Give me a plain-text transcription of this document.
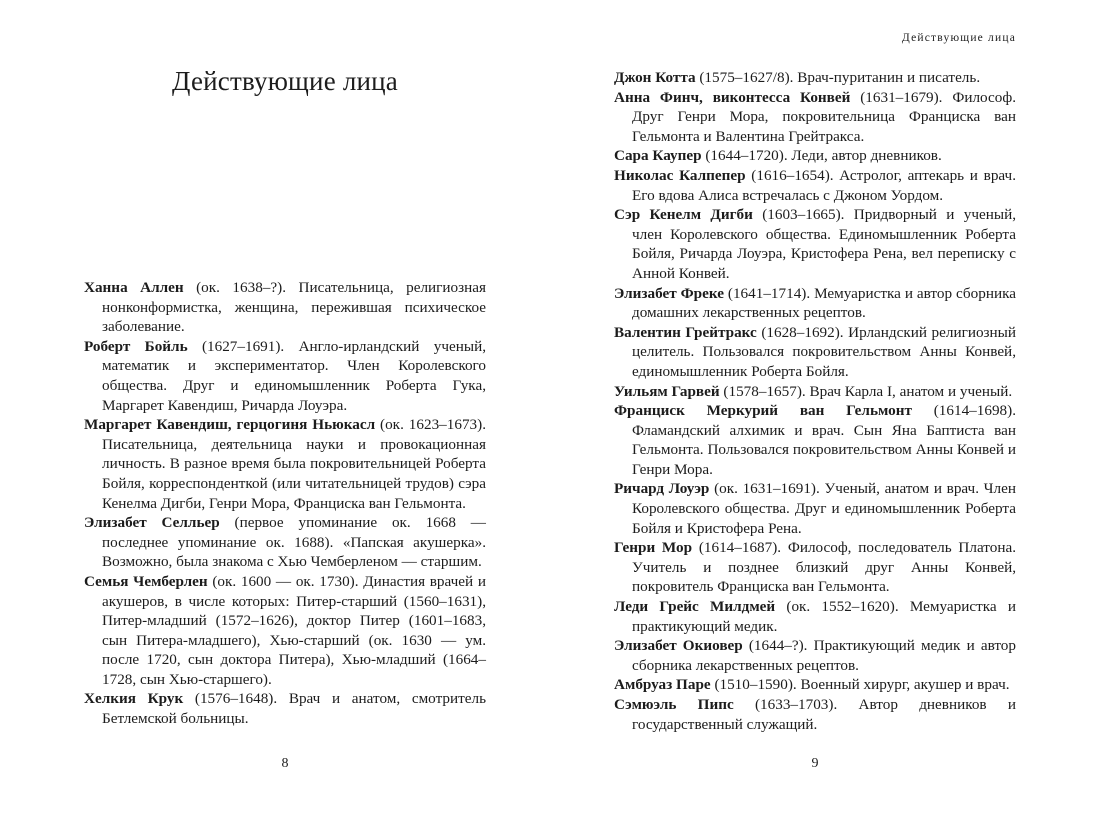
Действующие лица
Ханна Аллен (ок. 1638–?). Писательница, религиозная нонконформистка, женщина, пережившая психическое заболевание.
Роберт Бойль (1627–1691). Англо-ирландский ученый, математик и экспериментатор. Член Королевского общества. Друг и единомышленник Роберта Гука, Маргарет Кавендиш, Ричарда Лоуэра.
Маргарет Кавендиш, герцогиня Ньюкасл (ок. 1623–1673). Писательница, деятельница науки и провокационная личность. В разное время была покровительницей Роберта Бойля, корреспонденткой (или читательницей трудов) сэра Кенелма Дигби, Генри Мора, Франциска ван Гельмонта.
Элизабет Селльер (первое упоминание ок. 1668 — последнее упоминание ок. 1688). «Папская акушерка». Возможно, была знакома с Хью Чемберленом — старшим.
Семья Чемберлен (ок. 1600 — ок. 1730). Династия врачей и акушеров, в числе которых: Питер-старший (1560–1631), Питер-младший (1572–1626), доктор Питер (1601–1683, сын Питера-младшего), Хью-старший (ок. 1630 — ум. после 1720, сын доктора Питера), Хью-младший (1664–1728, сын Хью-старшего).
Хелкия Крук (1576–1648). Врач и анатом, смотритель Бетлемской больницы.
8
Действующие лица
Джон Котта (1575–1627/8). Врач-пуританин и писатель.
Анна Финч, виконтесса Конвей (1631–1679). Философ. Друг Генри Мора, покровительница Франциска ван Гельмонта и Валентина Грейтракса.
Сара Каупер (1644–1720). Леди, автор дневников.
Николас Калпепер (1616–1654). Астролог, аптекарь и врач. Его вдова Алиса встречалась с Джоном Уордом.
Сэр Кенелм Дигби (1603–1665). Придворный и ученый, член Королевского общества. Единомышленник Роберта Бойля, Ричарда Лоуэра, Кристофера Рена, вел переписку с Анной Конвей.
Элизабет Фреке (1641–1714). Мемуаристка и автор сборника домашних лекарственных рецептов.
Валентин Грейтракс (1628–1692). Ирландский религиозный целитель. Пользовался покровительством Анны Конвей, единомышленник Роберта Бойля.
Уильям Гарвей (1578–1657). Врач Карла I, анатом и ученый.
Франциск Меркурий ван Гельмонт (1614–1698). Фламандский алхимик и врач. Сын Яна Баптиста ван Гельмонта. Пользовался покровительством Анны Конвей и Генри Мора.
Ричард Лоуэр (ок. 1631–1691). Ученый, анатом и врач. Член Королевского общества. Друг и единомышленник Роберта Бойля и Кристофера Рена.
Генри Мор (1614–1687). Философ, последователь Платона. Учитель и позднее близкий друг Анны Конвей, покровитель Франциска ван Гельмонта.
Леди Грейс Милдмей (ок. 1552–1620). Мемуаристка и практикующий медик.
Элизабет Окиовер (1644–?). Практикующий медик и автор сборника лекарственных рецептов.
Амбруаз Паре (1510–1590). Военный хирург, акушер и врач.
Сэмюэль Пипс (1633–1703). Автор дневников и государственный служащий.
9
